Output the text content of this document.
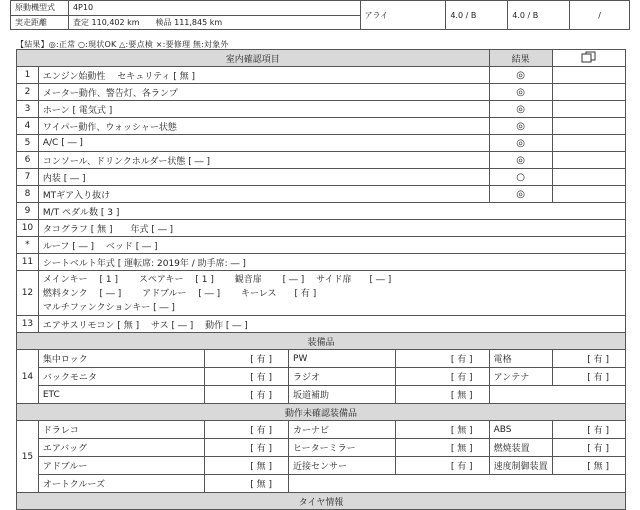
原動機型式	4P10	アライ	4.0 / B	4.0 / B	/
実走距離	査定 110,402 km　　検品 111,845 km				
【結果】◎:正常 ○:現状OK △:要点検 ×:要修理 無:対象外
室内確認項目					結果	
1	エンジン始動性　 セキュリティ [ 無 ]				◎	
2	メーター動作、警告灯、各ランプ				◎	
3	ホーン [ 電気式 ]				◎	
4	ワイパー動作、ウォッシャー状態				◎	
5	A/C [ ― ]				◎	
6	コンソール、ドリンクホルダー状態 [ ― ]				◎	
7	内装 [ ― ]				○	
8	MTギア入り抜け				◎	
9	M/T ペダル数 [ 3 ]					
10	タコグラフ [ 無 ]　　年式 [ ― ]					
*	ルーフ [ ― ]　 ベッド [ ― ]					
11	シートベルト年式 [ 運転席: 2019年 / 助手席: ― ]					
12	メインキー　 [ 1 ]　　 スペアキー　 [ 1 ]　　 観音扉　　 [ ― ]　 サイド扉　　[ ― ]
燃料タンク　 [ ― ]　　 アドブルー　 [ ― ]　　 キーレス　　[ 有 ]
マルチファンクションキー [ ― ]					

13	エアサスリモコン [ 無 ]　 サス [ ― ]　 動作 [ ― ]					
装備品						
14	集中ロック	[ 有 ]	PW	[ 有 ]	電格	[ 有 ]
	バックモニタ	[ 有 ]	ラジオ	[ 有 ]	アンテナ	[ 有 ]
	ETC	[ 有 ]	坂道補助	[ 無 ]		
動作未確認装備品						
15	ドラレコ	[ 有 ]	カーナビ	[ 無 ]	ABS	[ 有 ]
	エアバッグ	[ 有 ]	ヒーターミラー	[ 無 ]	燃焼装置	[ 有 ]
	アドブルー	[ 無 ]	近接センサー	[ 有 ]	速度制御装置	[ 無 ]
	オートクルーズ	[ 無 ]				
タイヤ情報						
